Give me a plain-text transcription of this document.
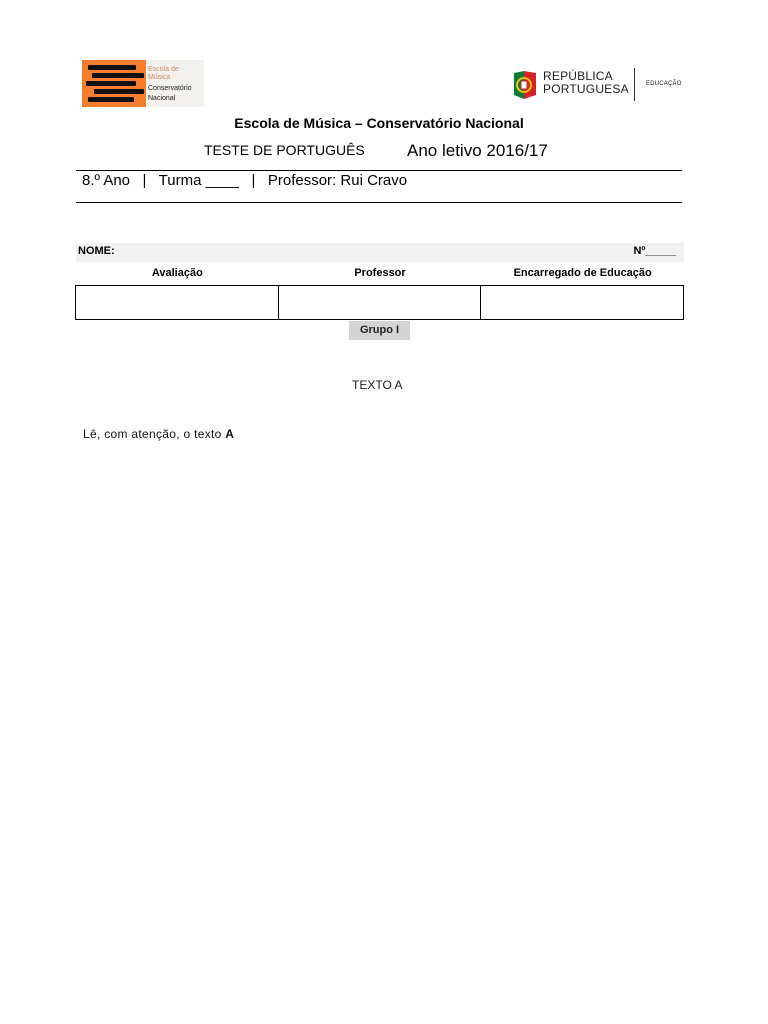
Escola de
Música
Conservatório
Nacional
REPÚBLICA
PORTUGUESA	EDUCAÇÃO
Escola de Música – Conservatório Nacional
TESTE DE PORTUGUÊS Ano letivo 2016/17
8.º Ano   |   Turma ____   |   Professor: Rui Cravo
NOME:	Nº_____
Avaliação	Professor	Encarregado de Educação
Grupo I
TEXTO A
Lê, com atenção, o texto A
